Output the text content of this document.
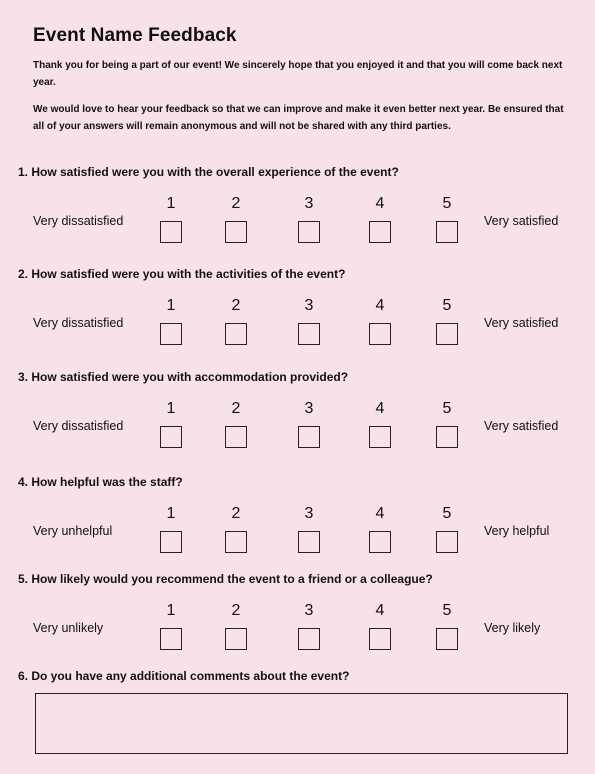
Event Name Feedback
Thank you for being a part of our event! We sincerely hope that you enjoyed it and that you will come back next year.
We would love to hear your feedback so that we can improve and make it even better next year. Be ensured that all of your answers will remain anonymous and will not be shared with any third parties.
1. How satisfied were you with the overall experience of the event?
Very dissatisfied	Very satisfied
1	2	3	4	5
2. How satisfied were you with the activities of the event?
Very dissatisfied	Very satisfied
1	2	3	4	5
3. How satisfied were you with accommodation provided?
Very dissatisfied	Very satisfied
1	2	3	4	5
4. How helpful was the staff?
Very unhelpful	Very helpful
1	2	3	4	5
5. How likely would you recommend the event to a friend or a colleague?
Very unlikely	Very likely
1	2	3	4	5
6. Do you have any additional comments about the event?
